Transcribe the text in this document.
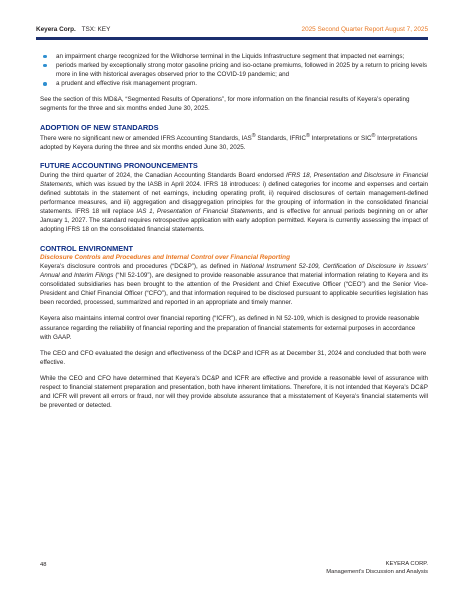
Keyera Corp. TSX: KEY	2025 Second Quarter Report August 7, 2025
an impairment charge recognized for the Wildhorse terminal in the Liquids Infrastructure segment that impacted net earnings;
periods marked by exceptionally strong motor gasoline pricing and iso-octane premiums, followed in 2025 by a return to pricing levels more in line with historical averages observed prior to the COVID-19 pandemic; and
a prudent and effective risk management program.

See the section of this MD&A, “Segmented Results of Operations”, for more information on the financial results of Keyera’s operating segments for the three and six months ended June 30, 2025.

ADOPTION OF NEW STANDARDS

There were no significant new or amended IFRS Accounting Standards, IAS® Standards, IFRIC® Interpretations or SIC® Interpretations adopted by Keyera during the three and six months ended June 30, 2025.

FUTURE ACCOUNTING PRONOUNCEMENTS

During the third quarter of 2024, the Canadian Accounting Standards Board endorsed IFRS 18, Presentation and Disclosure in Financial Statements, which was issued by the IASB in April 2024. IFRS 18 introduces: i) defined categories for income and expenses and certain defined subtotals in the statement of net earnings, including operating profit, ii) required disclosures of certain management-defined performance measures, and iii) aggregation and disaggregation principles for the grouping of information in the consolidated financial statements. IFRS 18 will replace IAS 1, Presentation of Financial Statements, and is effective for annual periods beginning on or after January 1, 2027. The standard requires retrospective application with early adoption permitted. Keyera is currently assessing the impact of adopting IFRS 18 on the consolidated financial statements.

CONTROL ENVIRONMENT
Disclosure Controls and Procedures and Internal Control over Financial Reporting

Keyera’s disclosure controls and procedures (“DC&P”), as defined in National Instrument 52-109, Certification of Disclosure in Issuers’ Annual and Interim Filings (“NI 52-109”), are designed to provide reasonable assurance that material information relating to Keyera and its consolidated subsidiaries has been brought to the attention of the President and Chief Executive Officer (“CEO”) and the Senior Vice-President and Chief Financial Officer (“CFO”), and that information required to be disclosed pursuant to applicable securities legislation has been recorded, processed, summarized and reported in an appropriate and timely manner.

Keyera also maintains internal control over financial reporting (“ICFR”), as defined in NI 52-109, which is designed to provide reasonable assurance regarding the reliability of financial reporting and the preparation of financial statements for external purposes in accordance with GAAP.

The CEO and CFO evaluated the design and effectiveness of the DC&P and ICFR as at December 31, 2024 and concluded that both were effective.

While the CEO and CFO have determined that Keyera’s DC&P and ICFR are effective and provide a reasonable level of assurance with respect to financial statement preparation and presentation, both have inherent limitations. Therefore, it is not intended that Keyera’s DC&P and ICFR will prevent all errors or fraud, nor will they provide absolute assurance that a misstatement of Keyera’s financial statements will be prevented or detected.

48	KEYERA CORP.
Management’s Discussion and Analysis
